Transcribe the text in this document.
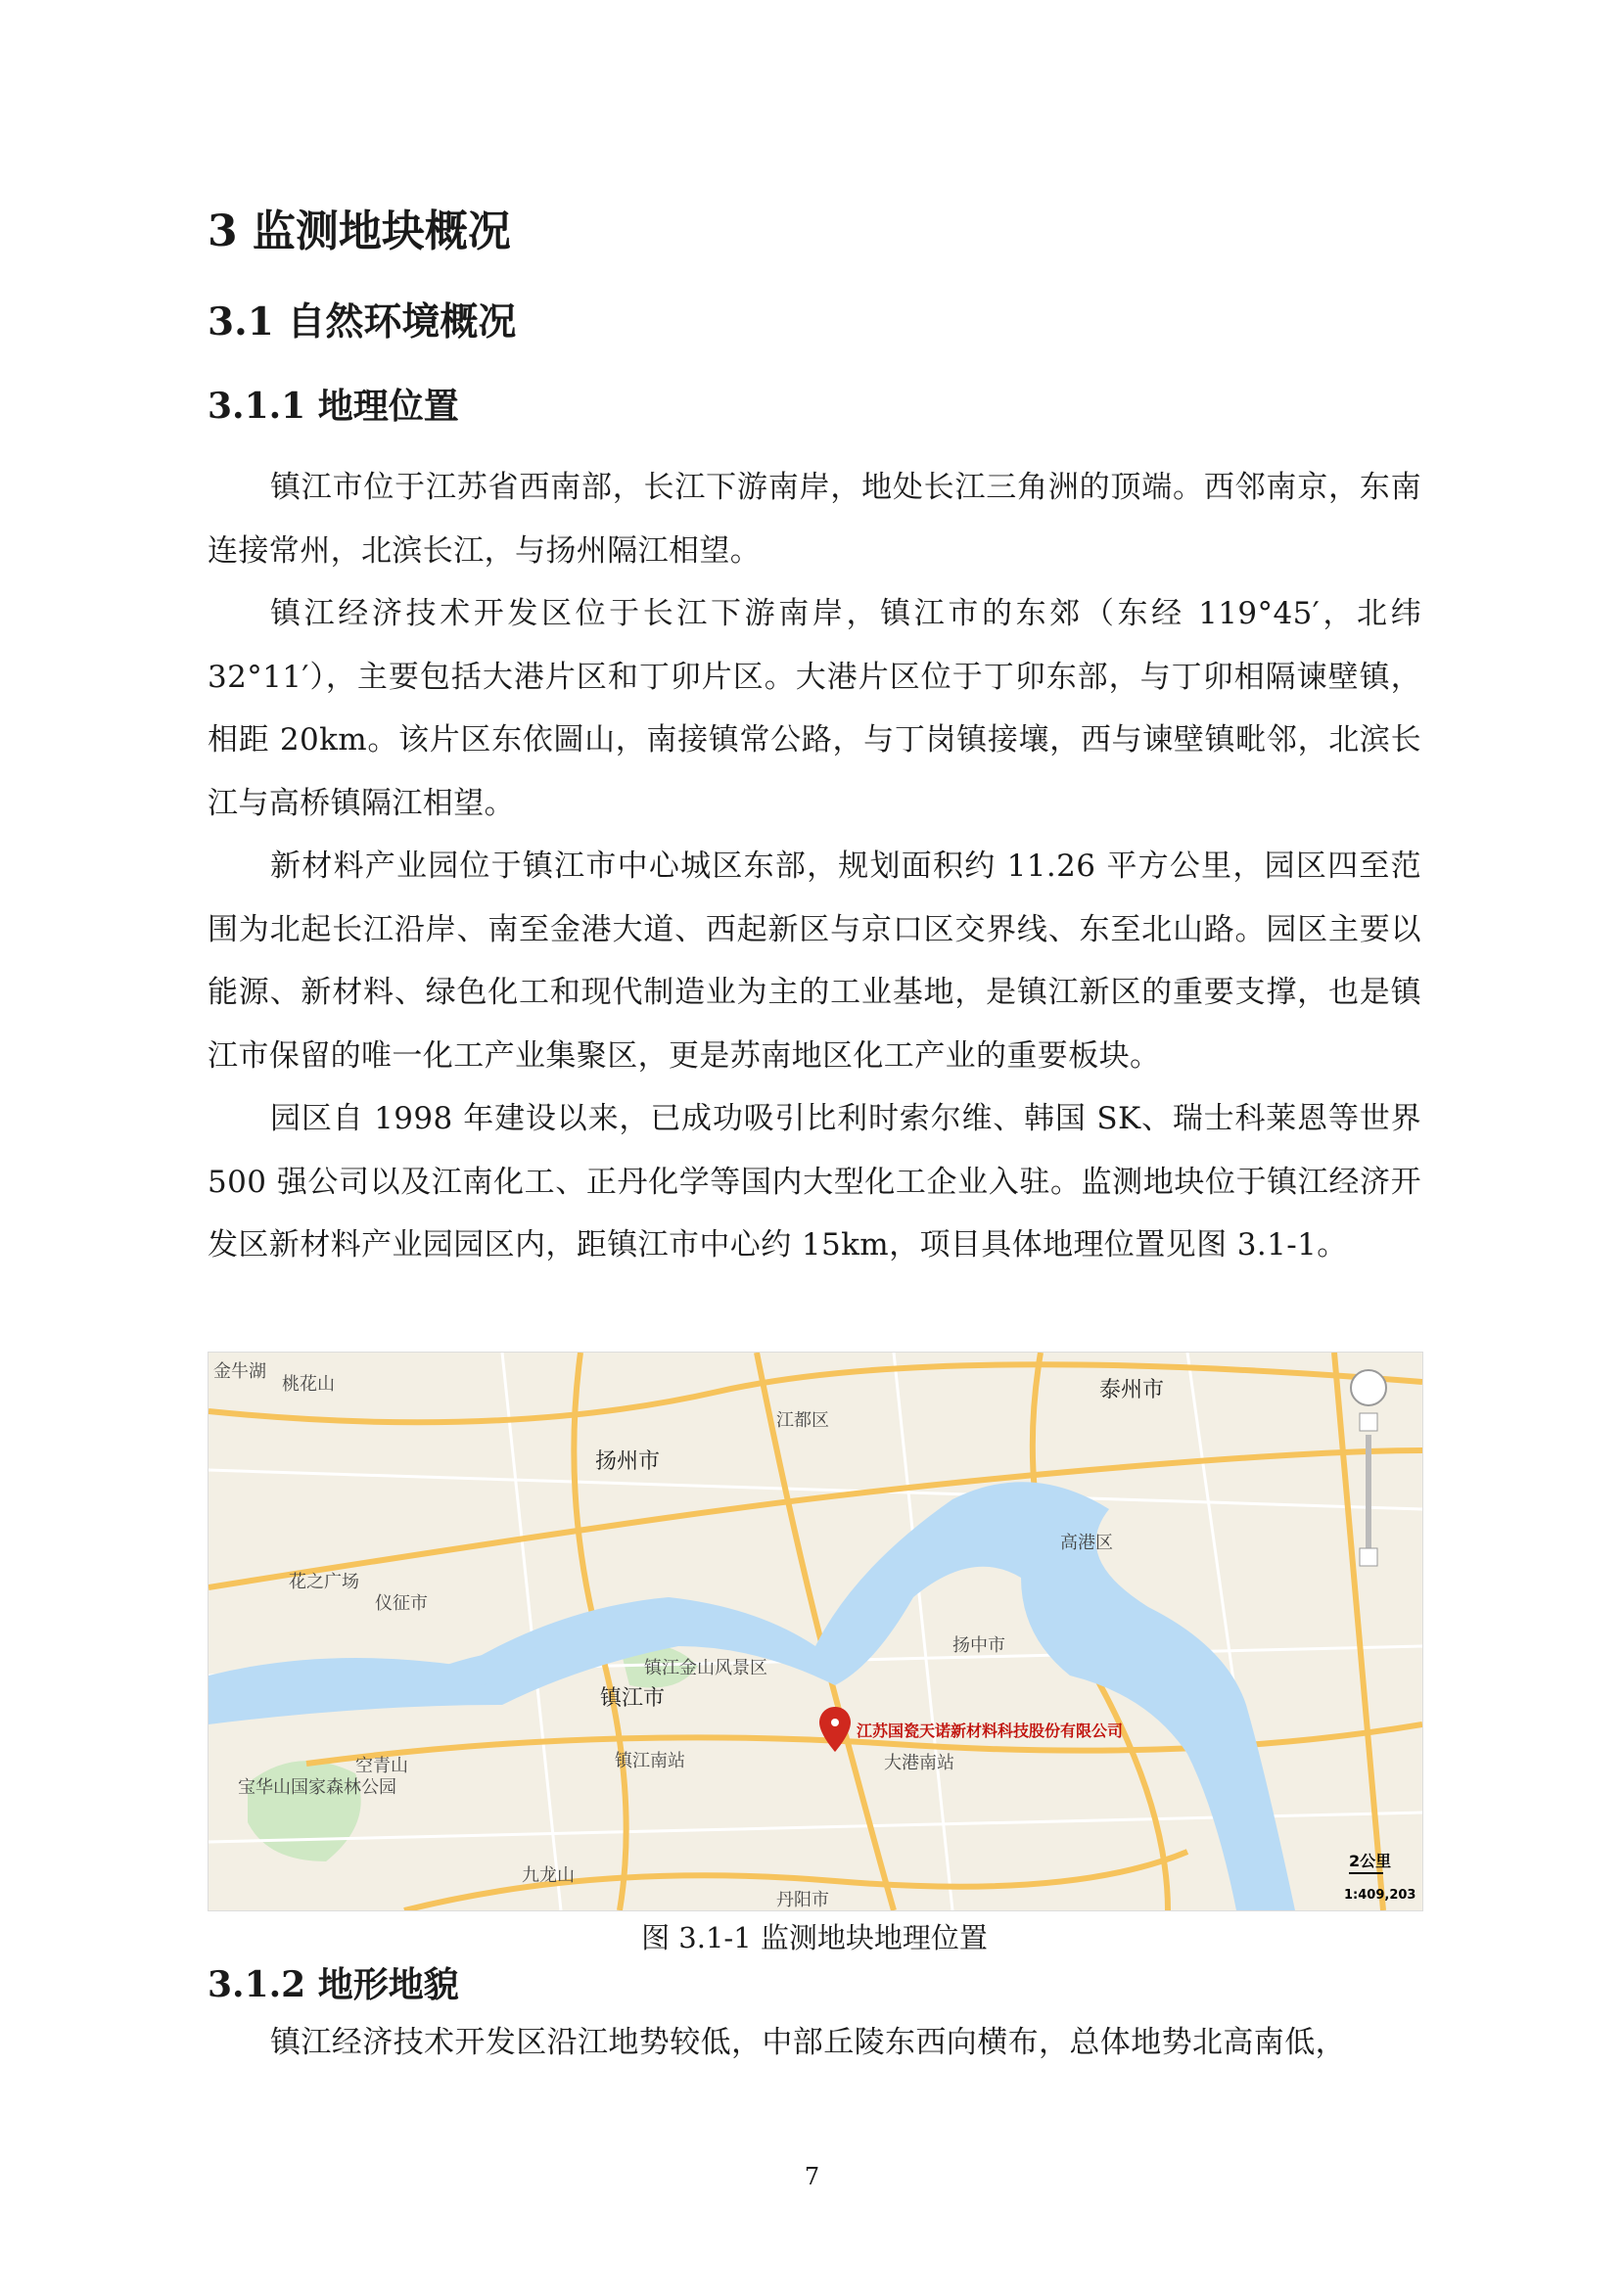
3 监测地块概况
3.1 自然环境概况
3.1.1 地理位置
镇江市位于江苏省西南部，长江下游南岸，地处长江三角洲的顶端。西邻南京，东南连接常州，北滨长江，与扬州隔江相望。
镇江经济技术开发区位于长江下游南岸，镇江市的东郊（东经 119°45′，北纬 32°11′），主要包括大港片区和丁卯片区。大港片区位于丁卯东部，与丁卯相隔谏壁镇，相距 20km。该片区东依圌山，南接镇常公路，与丁岗镇接壤，西与谏壁镇毗邻，北滨长江与高桥镇隔江相望。
新材料产业园位于镇江市中心城区东部，规划面积约 11.26 平方公里，园区四至范围为北起长江沿岸、南至金港大道、西起新区与京口区交界线、东至北山路。园区主要以能源、新材料、绿色化工和现代制造业为主的工业基地，是镇江新区的重要支撑，也是镇江市保留的唯一化工产业集聚区，更是苏南地区化工产业的重要板块。
园区自 1998 年建设以来，已成功吸引比利时索尔维、韩国 SK、瑞士科莱恩等世界 500 强公司以及江南化工、正丹化学等国内大型化工企业入驻。监测地块位于镇江经济开发区新材料产业园园区内，距镇江市中心约 15km，项目具体地理位置见图 3.1-1。
扬州市
镇江市
泰州市
仪征市
江都区
高港区
扬中市
大港南站
镇江南站
镇江金山风景区
宝华山国家森林公园
空青山
九龙山
丹阳市
花之广场
金牛湖
桃花山
江苏国瓷天诺新材料科技股份有限公司
2公里
1:409,203
图 3.1-1 监测地块地理位置
3.1.2 地形地貌
镇江经济技术开发区沿江地势较低，中部丘陵东西向横布，总体地势北高南低，
7
